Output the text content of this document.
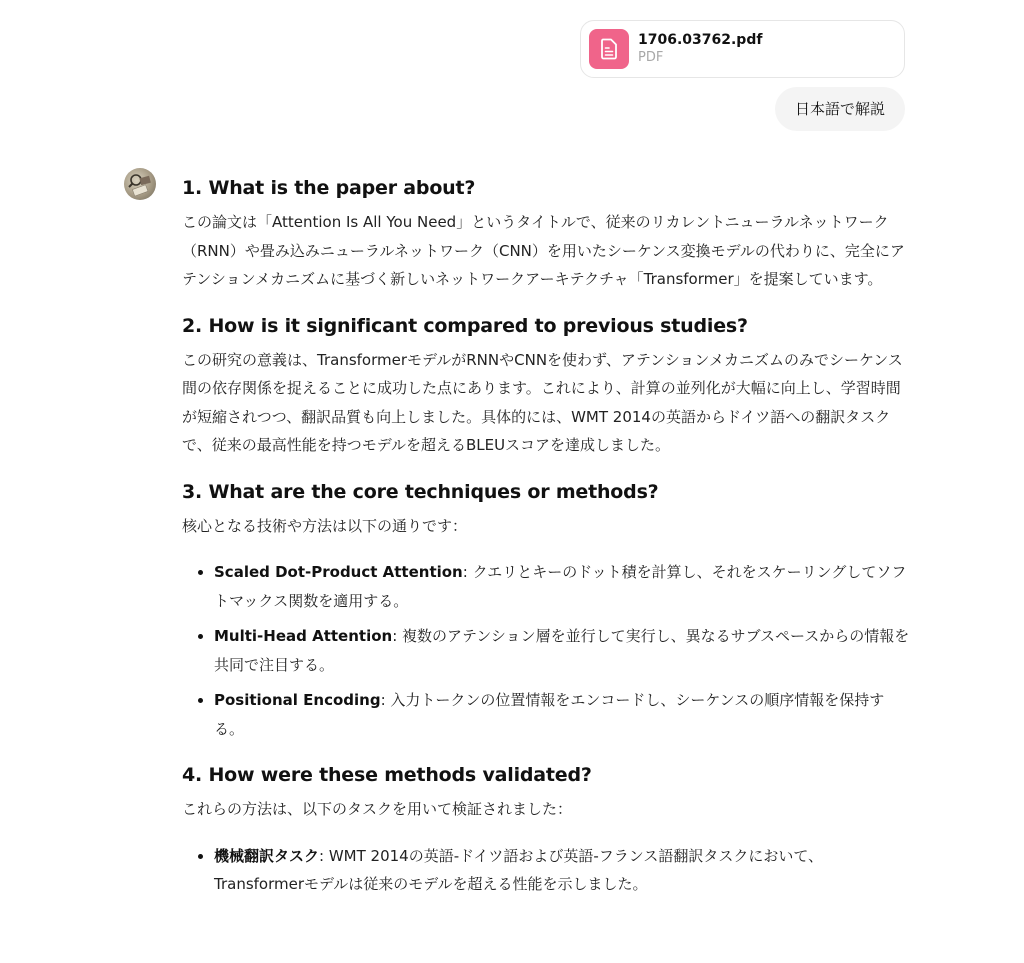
1706.03762.pdf
PDF
日本語で解説
1. What is the paper about?

この論文は「Attention Is All You Need」というタイトルで、従来のリカレントニューラルネットワーク（RNN）や畳み込みニューラルネットワーク（CNN）を用いたシーケンス変換モデルの代わりに、完全にアテンションメカニズムに基づく新しいネットワークアーキテクチャ「Transformer」を提案しています。

2. How is it significant compared to previous studies?

この研究の意義は、TransformerモデルがRNNやCNNを使わず、アテンションメカニズムのみでシーケンス間の依存関係を捉えることに成功した点にあります。これにより、計算の並列化が大幅に向上し、学習時間が短縮されつつ、翻訳品質も向上しました。具体的には、WMT 2014の英語からドイツ語への翻訳タスクで、従来の最高性能を持つモデルを超えるBLEUスコアを達成しました。

3. What are the core techniques or methods?

核心となる技術や方法は以下の通りです：

• Scaled Dot-Product Attention: クエリとキーのドット積を計算し、それをスケーリングしてソフトマックス関数を適用する。
• Multi-Head Attention: 複数のアテンション層を並行して実行し、異なるサブスペースからの情報を共同で注目する。
• Positional Encoding: 入力トークンの位置情報をエンコードし、シーケンスの順序情報を保持する。
4. How were these methods validated?

これらの方法は、以下のタスクを用いて検証されました：

• 機械翻訳タスク: WMT 2014の英語-ドイツ語および英語-フランス語翻訳タスクにおいて、Transformerモデルは従来のモデルを超える性能を示しました。
